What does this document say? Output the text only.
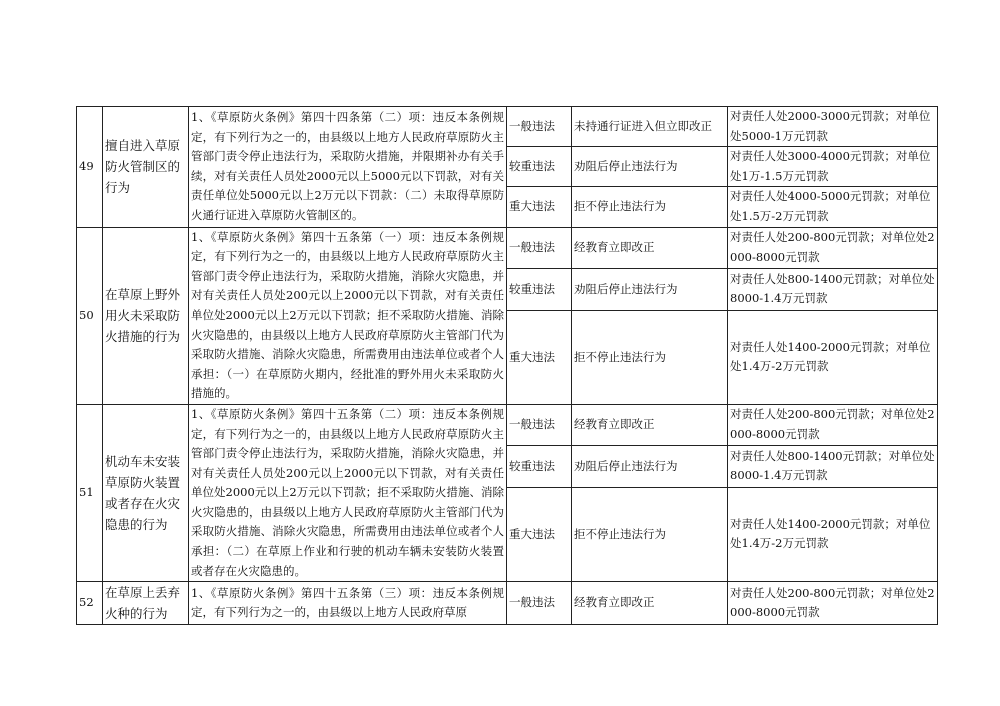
49	擅自进入草原防火管制区的行为	1、《草原防火条例》第四十四条第（二）项：违反本条例规定，有下列行为之一的，由县级以上地方人民政府草原防火主管部门责令停止违法行为，采取防火措施，并限期补办有关手续，对有关责任人员处2000元以上5000元以下罚款，对有关责任单位处5000元以上2万元以下罚款：（二）未取得草原防火通行证进入草原防火管制区的。	一般违法	未持通行证进入但立即改正	对责任人处2000-3000元罚款；对单位处5000-1万元罚款
			较重违法	劝阻后停止违法行为	对责任人处3000-4000元罚款；对单位处1万-1.5万元罚款
			重大违法	拒不停止违法行为	对责任人处4000-5000元罚款；对单位处1.5万-2万元罚款
50	在草原上野外用火未采取防火措施的行为	1、《草原防火条例》第四十五条第（一）项：违反本条例规定，有下列行为之一的，由县级以上地方人民政府草原防火主管部门责令停止违法行为，采取防火措施，消除火灾隐患，并对有关责任人员处200元以上2000元以下罚款，对有关责任单位处2000元以上2万元以下罚款；拒不采取防火措施、消除火灾隐患的，由县级以上地方人民政府草原防火主管部门代为采取防火措施、消除火灾隐患，所需费用由违法单位或者个人承担：（一）在草原防火期内，经批准的野外用火未采取防火措施的。	一般违法	经教育立即改正	对责任人处200-800元罚款；对单位处2000-8000元罚款
			较重违法	劝阻后停止违法行为	对责任人处800-1400元罚款；对单位处8000-1.4万元罚款
			重大违法	拒不停止违法行为	对责任人处1400-2000元罚款；对单位处1.4万-2万元罚款
51	机动车未安装草原防火装置或者存在火灾隐患的行为	1、《草原防火条例》第四十五条第（二）项：违反本条例规定，有下列行为之一的，由县级以上地方人民政府草原防火主管部门责令停止违法行为，采取防火措施，消除火灾隐患，并对有关责任人员处200元以上2000元以下罚款，对有关责任单位处2000元以上2万元以下罚款；拒不采取防火措施、消除火灾隐患的，由县级以上地方人民政府草原防火主管部门代为采取防火措施、消除火灾隐患，所需费用由违法单位或者个人承担：（二）在草原上作业和行驶的机动车辆未安装防火装置或者存在火灾隐患的。	一般违法	经教育立即改正	对责任人处200-800元罚款；对单位处2000-8000元罚款
			较重违法	劝阻后停止违法行为	对责任人处800-1400元罚款；对单位处8000-1.4万元罚款
			重大违法	拒不停止违法行为	对责任人处1400-2000元罚款；对单位处1.4万-2万元罚款
52	在草原上丢弃火种的行为	1、《草原防火条例》第四十五条第（三）项：违反本条例规定，有下列行为之一的，由县级以上地方人民政府草原	一般违法	经教育立即改正	对责任人处200-800元罚款；对单位处2000-8000元罚款
